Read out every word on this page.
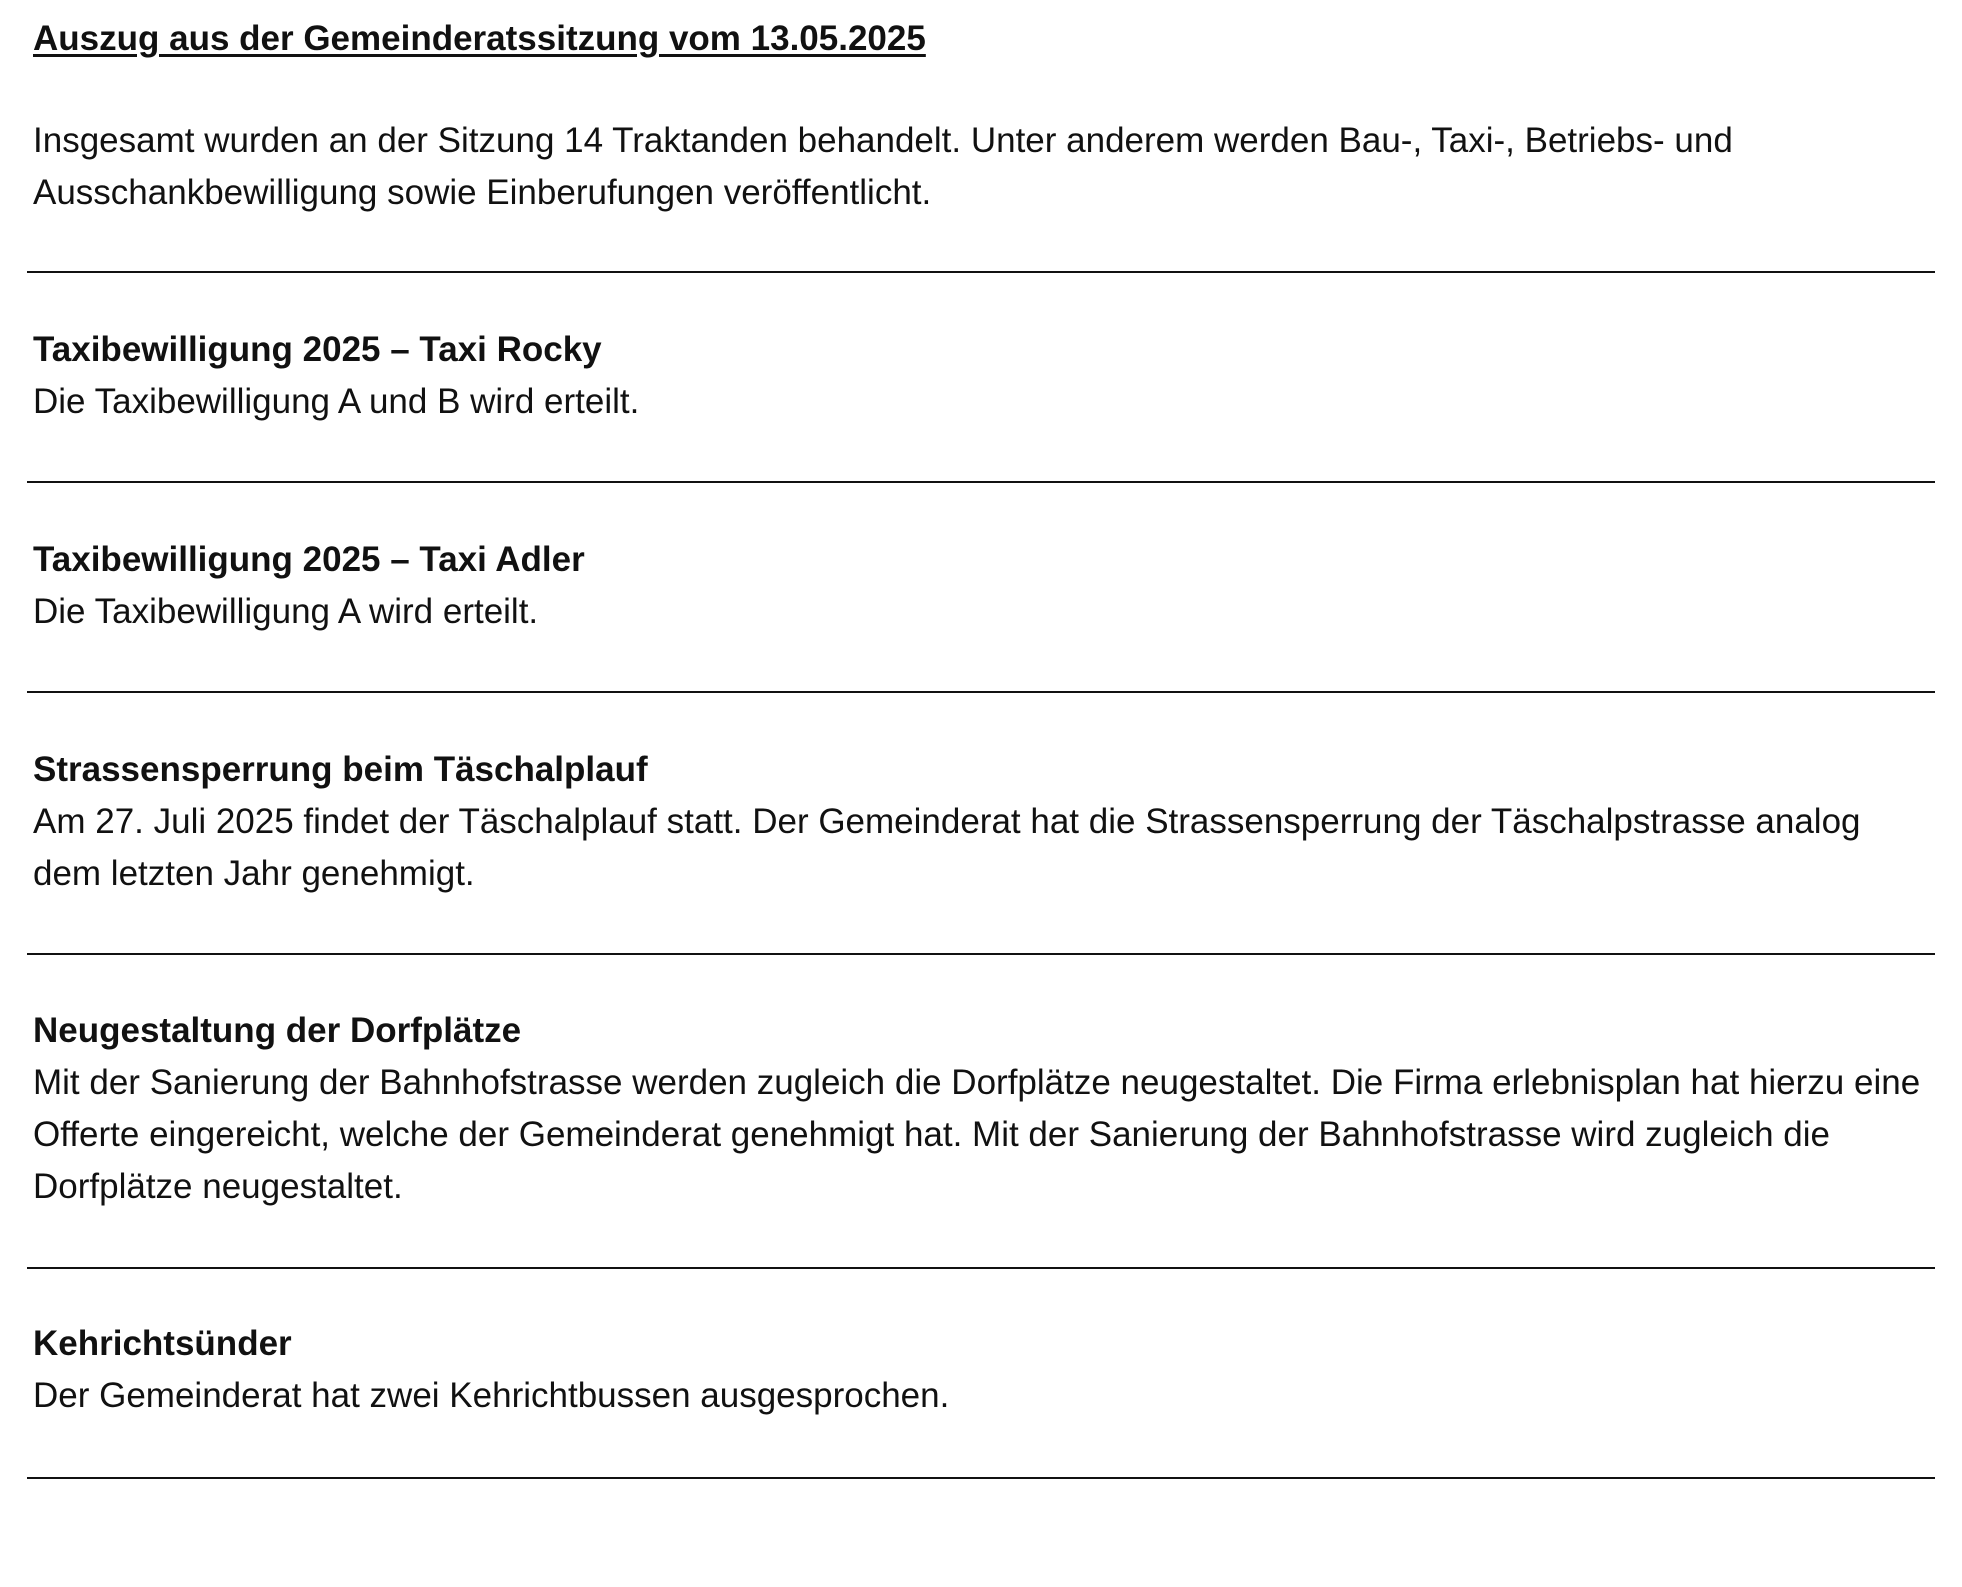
Auszug aus der Gemeinderatssitzung vom 13.05.2025
Insgesamt wurden an der Sitzung 14 Traktanden behandelt. Unter anderem werden Bau-, Taxi-, Betriebs- und Ausschankbewilligung sowie Einberufungen veröffentlicht.
Taxibewilligung 2025 – Taxi Rocky
Die Taxibewilligung A und B wird erteilt.
Taxibewilligung 2025 – Taxi Adler
Die Taxibewilligung A wird erteilt.
Strassensperrung beim Täschalplauf
Am 27. Juli 2025 findet der Täschalplauf statt. Der Gemeinderat hat die Strassensperrung der Täschalpstrasse analog dem letzten Jahr genehmigt.
Neugestaltung der Dorfplätze
Mit der Sanierung der Bahnhofstrasse werden zugleich die Dorfplätze neugestaltet. Die Firma erlebnisplan hat hierzu eine Offerte eingereicht, welche der Gemeinderat genehmigt hat. Mit der Sanierung der Bahnhofstrasse wird zugleich die Dorfplätze neugestaltet.
Kehrichtsünder
Der Gemeinderat hat zwei Kehrichtbussen ausgesprochen.
